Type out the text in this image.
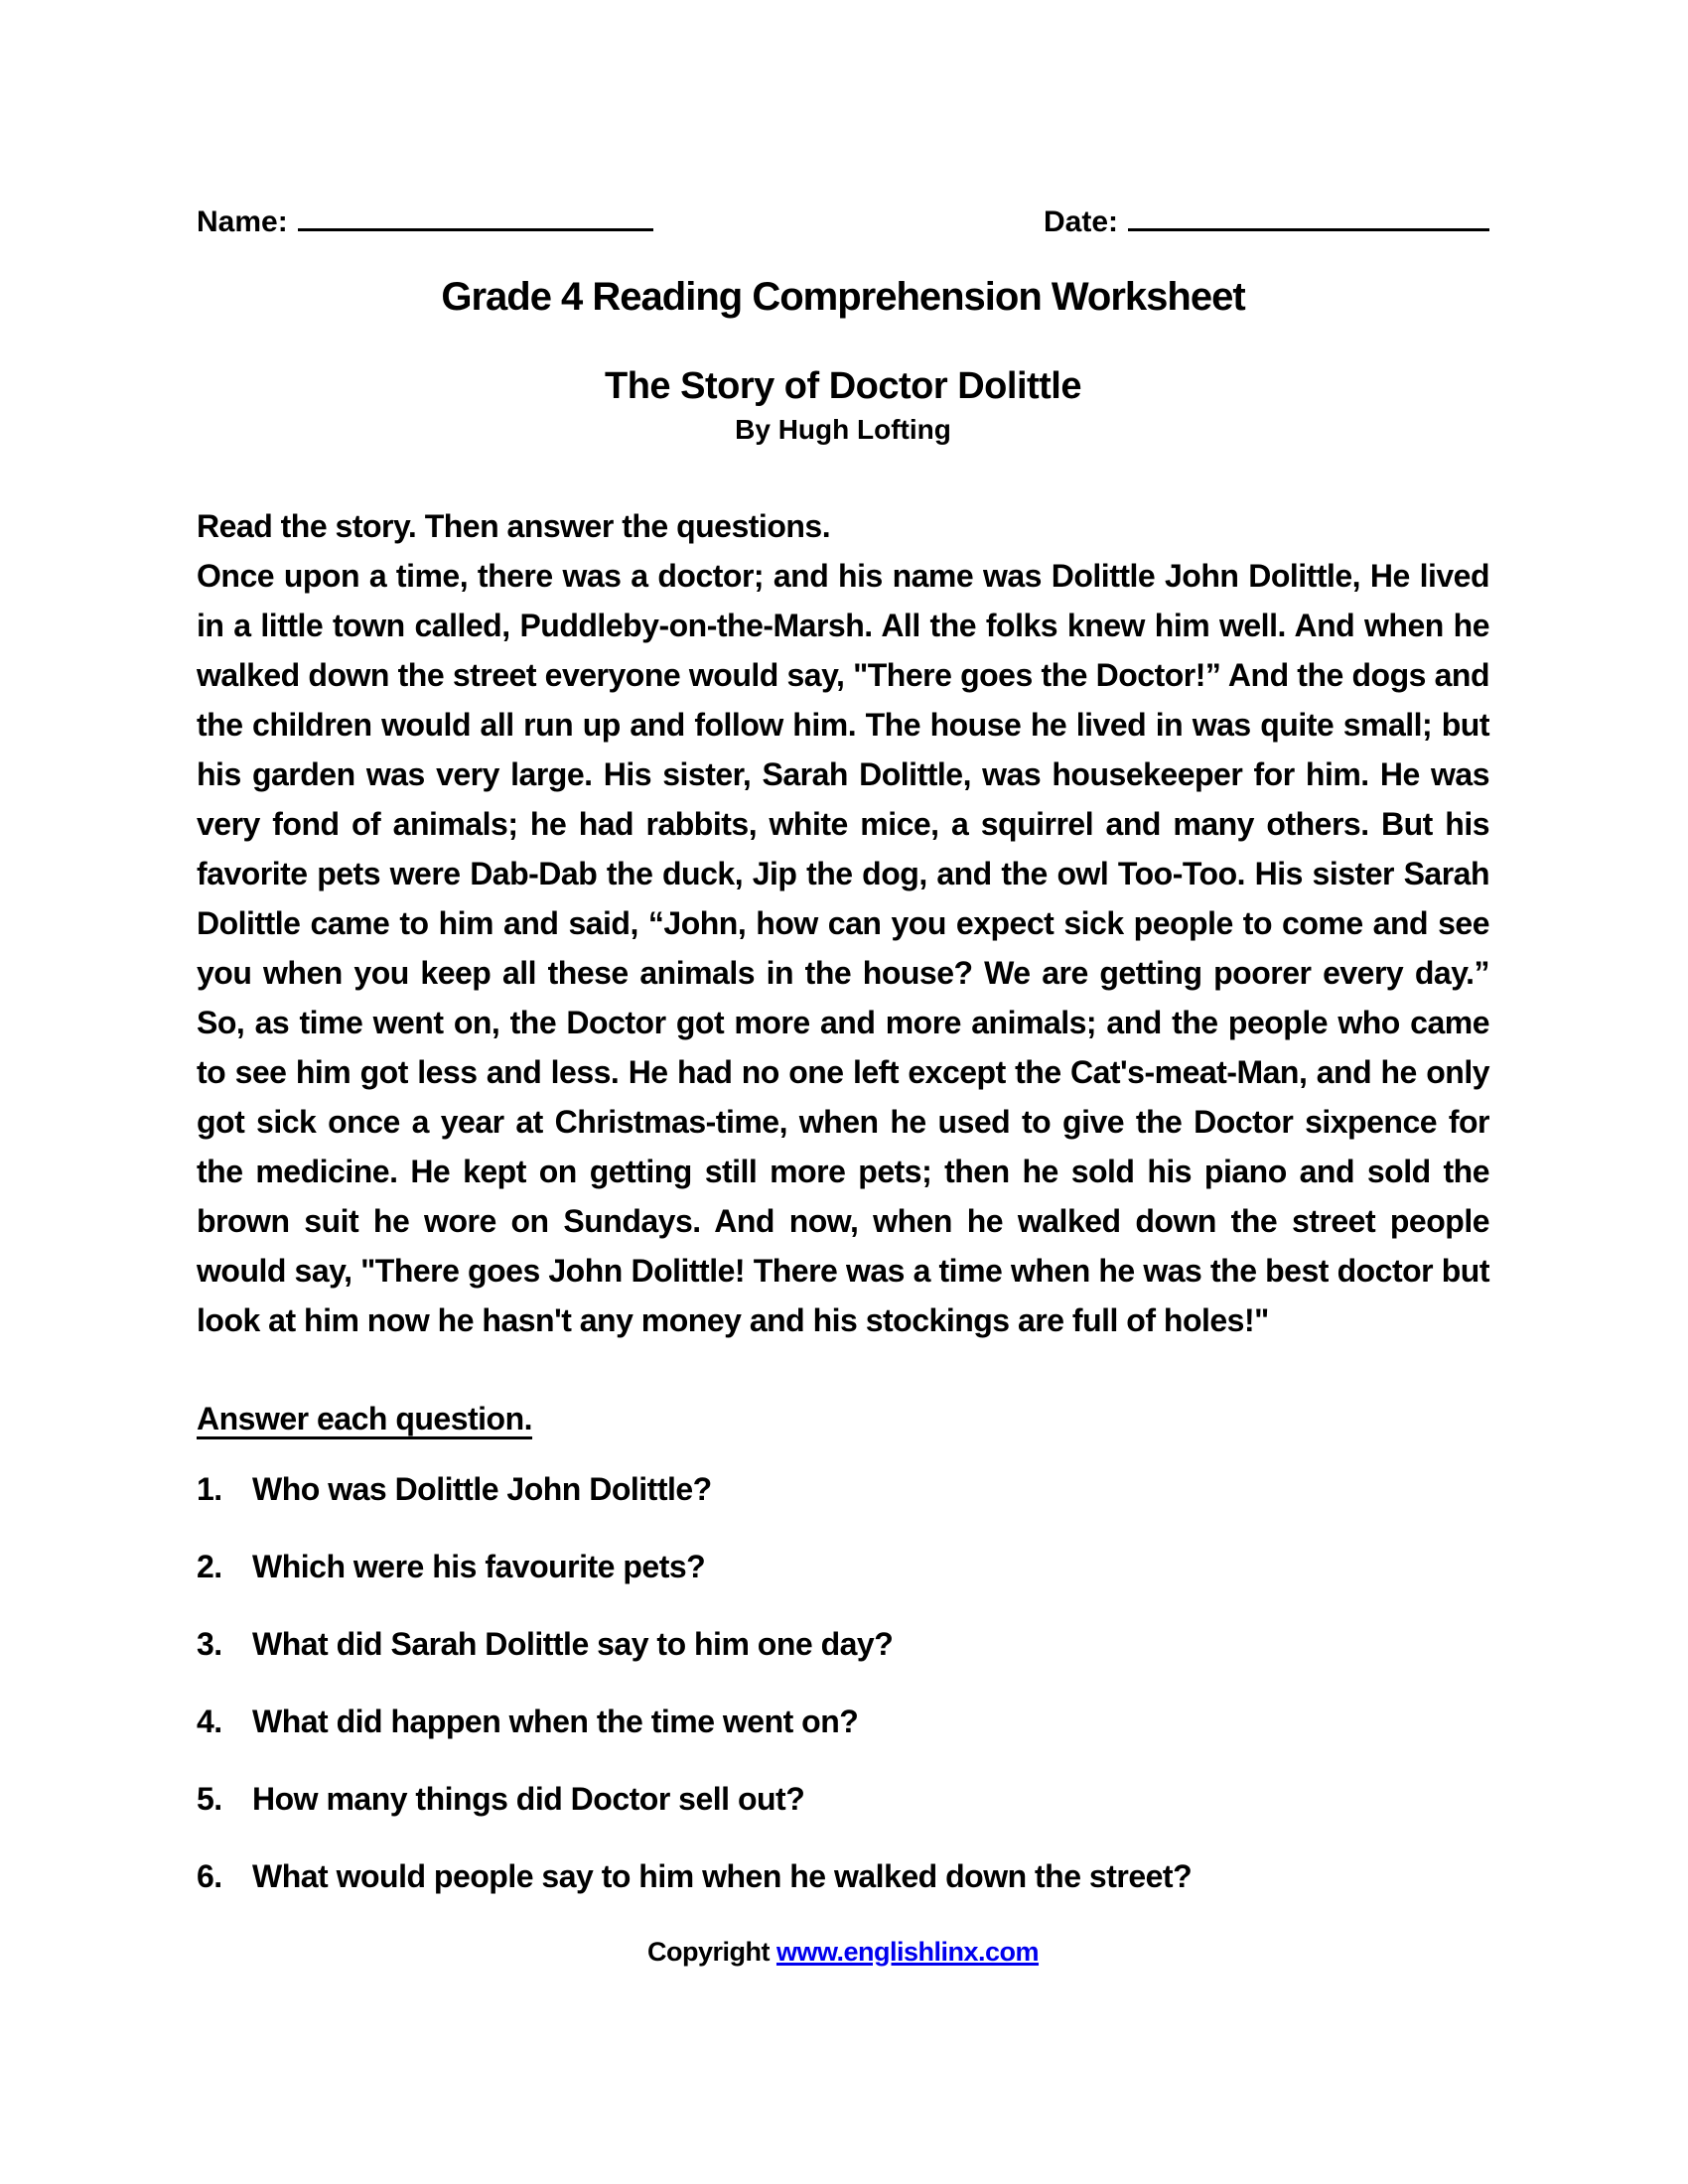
Name:	Date:
Grade 4 Reading Comprehension Worksheet
The Story of Doctor Dolittle
By Hugh Lofting

Read the story. Then answer the questions.

Once upon a time, there was a doctor; and his name was Dolittle John Dolittle, He lived in a little town called, Puddleby-on-the-Marsh. All the folks knew him well. And when he walked down the street everyone would say, "There goes the Doctor!” And the dogs and the children would all run up and follow him. The house he lived in was quite small; but his garden was very large. His sister, Sarah Dolittle, was housekeeper for him. He was very fond of animals; he had rabbits, white mice, a squirrel and many others. But his favorite pets were Dab-Dab the duck, Jip the dog, and the owl Too-Too. His sister Sarah Dolittle came to him and said, “John, how can you expect sick people to come and see you when you keep all these animals in the house? We are getting poorer every day.” So, as time went on, the Doctor got more and more animals; and the people who came to see him got less and less. He had no one left except the Cat's-meat-Man, and he only got sick once a year at Christmas-time, when he used to give the Doctor sixpence for the medicine. He kept on getting still more pets; then he sold his piano and sold the brown suit he wore on Sundays. And now, when he walked down the street people would say, "There goes John Dolittle! There was a time when he was the best doctor but look at him now he hasn't any money and his stockings are full of holes!"

Answer each question.
1. Who was Dolittle John Dolittle?
2. Which were his favourite pets?
3. What did Sarah Dolittle say to him one day?
4. What did happen when the time went on?
5. How many things did Doctor sell out?
6. What would people say to him when he walked down the street?
Copyright www.englishlinx.com
